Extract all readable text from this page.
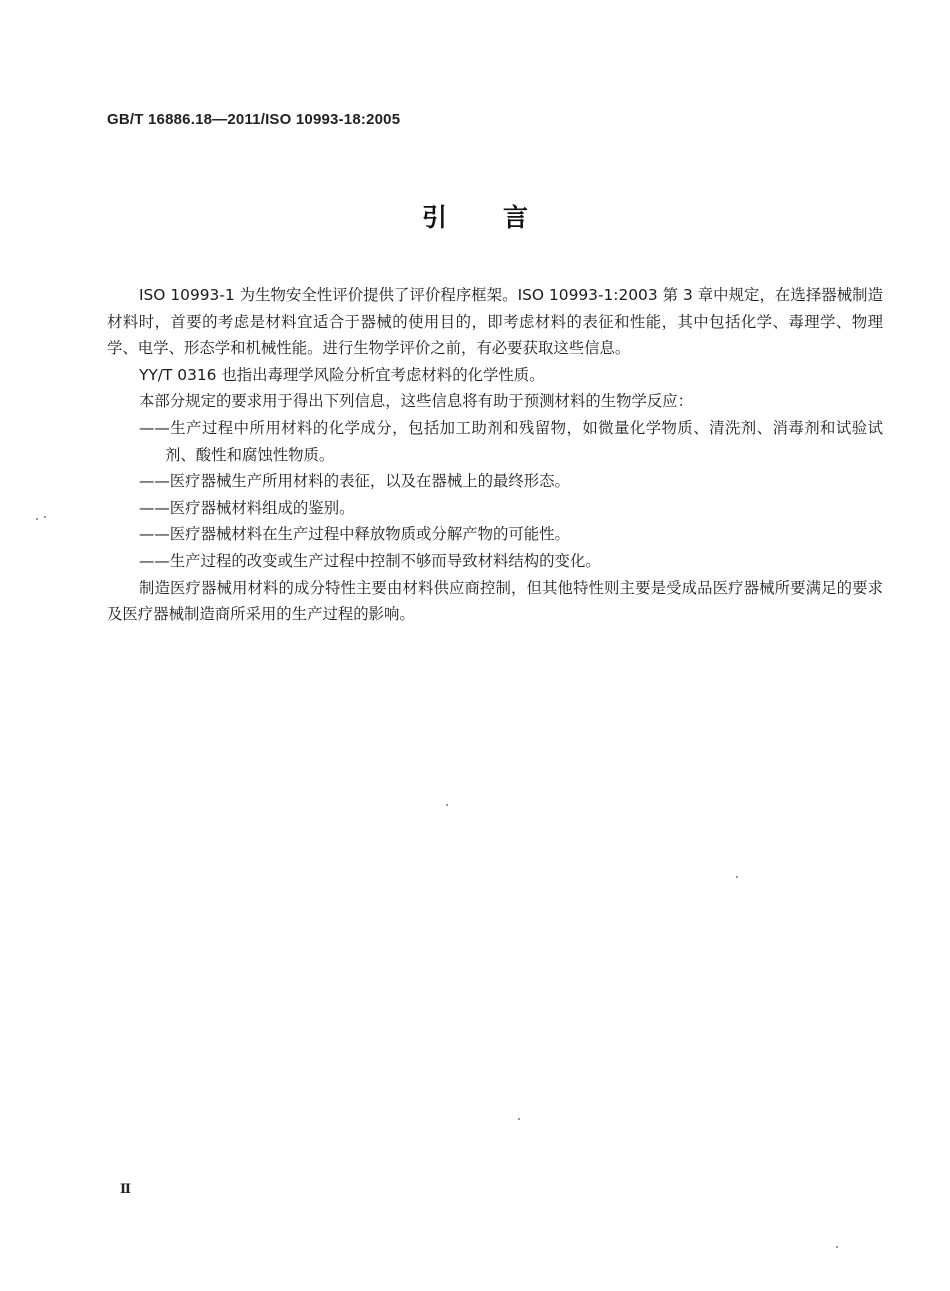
GB/T 16886.18—2011/ISO 10993-18:2005
引言

ISO 10993-1 为生物安全性评价提供了评价程序框架。ISO 10993-1:2003 第 3 章中规定，在选择器械制造材料时，首要的考虑是材料宜适合于器械的使用目的，即考虑材料的表征和性能，其中包括化学、毒理学、物理学、电学、形态学和机械性能。进行生物学评价之前，有必要获取这些信息。

YY/T 0316 也指出毒理学风险分析宜考虑材料的化学性质。

本部分规定的要求用于得出下列信息，这些信息将有助于预测材料的生物学反应：

——生产过程中所用材料的化学成分，包括加工助剂和残留物，如微量化学物质、清洗剂、消毒剂和试验试剂、酸性和腐蚀性物质。

——医疗器械生产所用材料的表征，以及在器械上的最终形态。

——医疗器械材料组成的鉴别。

——医疗器械材料在生产过程中释放物质或分解产物的可能性。

——生产过程的改变或生产过程中控制不够而导致材料结构的变化。

制造医疗器械用材料的成分特性主要由材料供应商控制，但其他特性则主要是受成品医疗器械所要满足的要求及医疗器械制造商所采用的生产过程的影响。

Ⅱ
